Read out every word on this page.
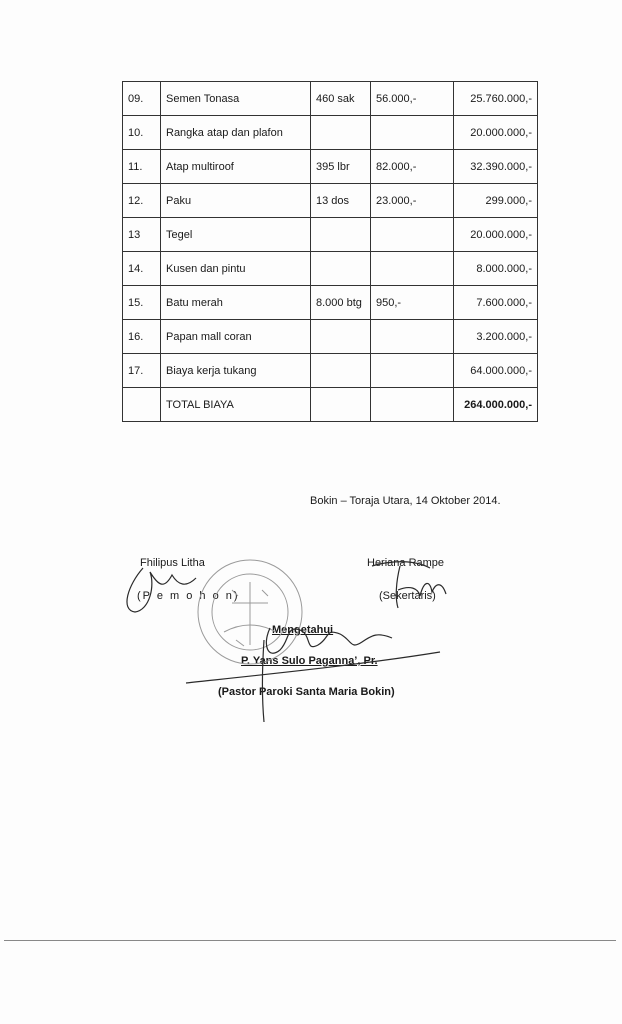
09.	Semen Tonasa	460 sak	56.000,-	25.760.000,-
10.	Rangka atap dan plafon			20.000.000,-
11.	Atap multiroof	395 lbr	82.000,-	32.390.000,-
12.	Paku	13 dos	23.000,-	299.000,-
13	Tegel			20.000.000,-
14.	Kusen dan pintu			8.000.000,-
15.	Batu merah	8.000 btg	950,-	7.600.000,-
16.	Papan mall coran			3.200.000,-
17.	Biaya kerja tukang			64.000.000,-
	TOTAL BIAYA			264.000.000,-
Bokin – Toraja Utara, 14 Oktober 2014.
Fhilipus Litha
(P e m o h o n)
Heriana Rampe
(Sekertaris)
Mengetahui
P. Yans Sulo Paganna’, Pr.
(Pastor Paroki Santa Maria Bokin)
